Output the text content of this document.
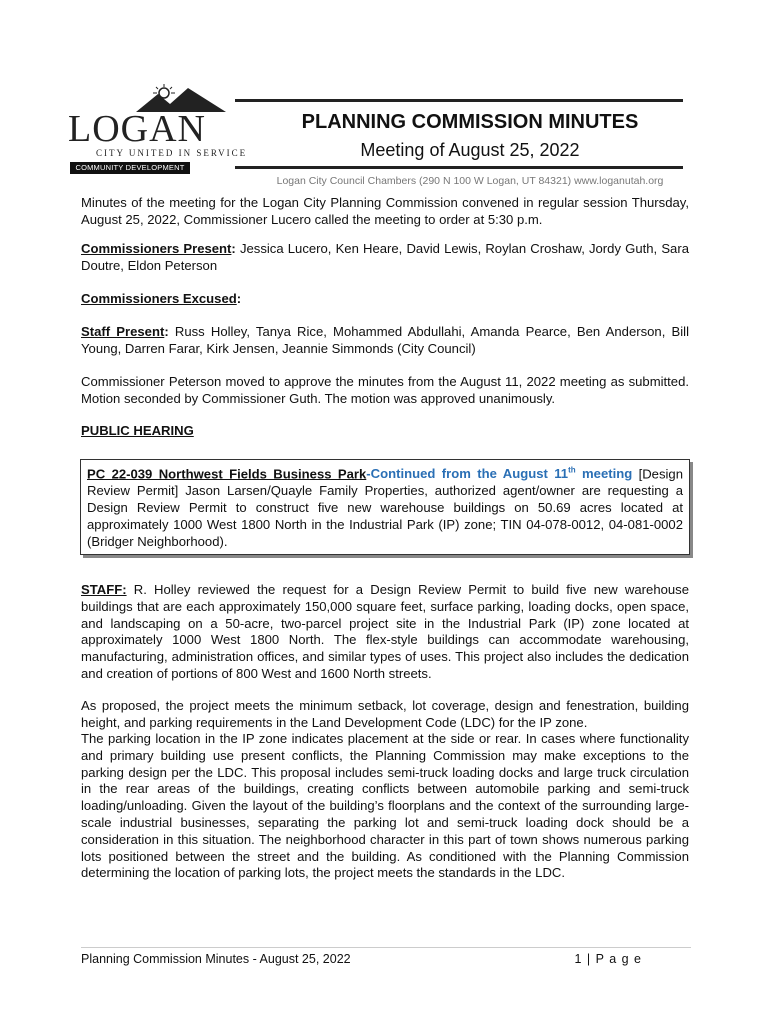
LOGAN
CITY UNITED IN SERVICE
COMMUNITY DEVELOPMENT
PLANNING COMMISSION MINUTES
Meeting of August 25, 2022
Logan City Council Chambers (290 N 100 W Logan, UT 84321) www.loganutah.org

Minutes of the meeting for the Logan City Planning Commission convened in regular session Thursday, August 25, 2022, Commissioner Lucero called the meeting to order at 5:30 p.m.

Commissioners Present: Jessica Lucero, Ken Heare, David Lewis, Roylan Croshaw, Jordy Guth, Sara Doutre, Eldon Peterson

Commissioners Excused:

Staff Present: Russ Holley, Tanya Rice, Mohammed Abdullahi, Amanda Pearce, Ben Anderson, Bill Young, Darren Farar, Kirk Jensen, Jeannie Simmonds (City Council)

Commissioner Peterson moved to approve the minutes from the August 11, 2022 meeting as submitted. Motion seconded by Commissioner Guth. The motion was approved unanimously.

PUBLIC HEARING

PC 22-039 Northwest Fields Business Park-Continued from the August 11th meeting [Design Review Permit] Jason Larsen/Quayle Family Properties, authorized agent/owner are requesting a Design Review Permit to construct five new warehouse buildings on 50.69 acres located at approximately 1000 West 1800 North in the Industrial Park (IP) zone; TIN 04-078-0012, 04-081-0002 (Bridger Neighborhood).

STAFF: R. Holley reviewed the request for a Design Review Permit to build five new warehouse buildings that are each approximately 150,000 square feet, surface parking, loading docks, open space, and landscaping on a 50-acre, two-parcel project site in the Industrial Park (IP) zone located at approximately 1000 West 1800 North. The flex-style buildings can accommodate warehousing, manufacturing, administration offices, and similar types of uses. This project also includes the dedication and creation of portions of 800 West and 1600 North streets.

As proposed, the project meets the minimum setback, lot coverage, design and fenestration, building height, and parking requirements in the Land Development Code (LDC) for the IP zone.

The parking location in the IP zone indicates placement at the side or rear. In cases where functionality and primary building use present conflicts, the Planning Commission may make exceptions to the parking design per the LDC. This proposal includes semi-truck loading docks and large truck circulation in the rear areas of the buildings, creating conflicts between automobile parking and semi-truck loading/unloading. Given the layout of the building’s floorplans and the context of the surrounding large-scale industrial businesses, separating the parking lot and semi-truck loading dock should be a consideration in this situation. The neighborhood character in this part of town shows numerous parking lots positioned between the street and the building. As conditioned with the Planning Commission determining the location of parking lots, the project meets the standards in the LDC.

Planning Commission Minutes - August 25, 2022	1 | P a g e
